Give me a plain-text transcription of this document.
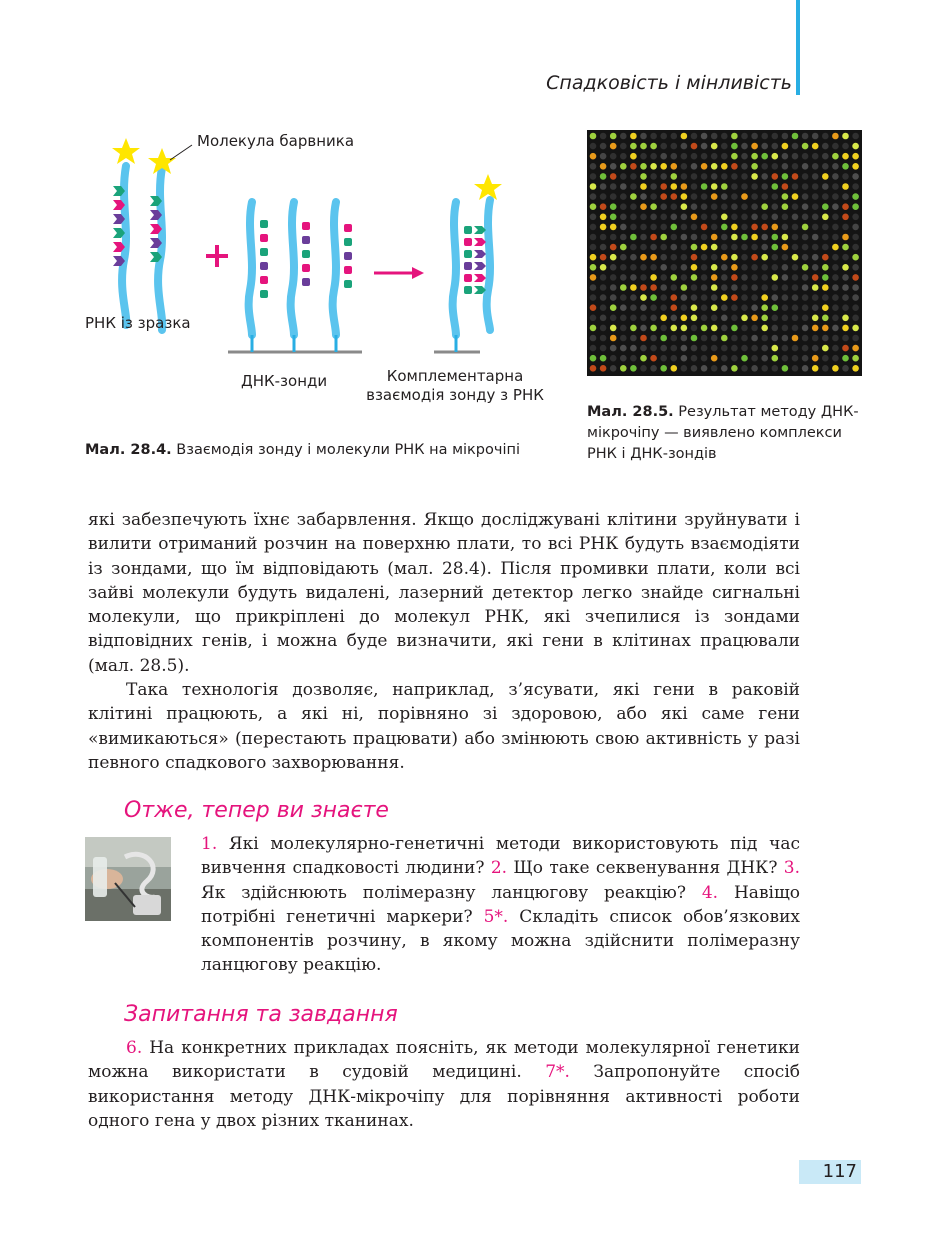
Спадковість і мінливість
Молекула барвника
РНК із зразка
ДНК-зонди	Комплементарна
взаємодія зонду з РНК
Мал. 28.4. Взаємодія зонду і молекули РНК на мікрочіпі
Мал. 28.5. Результат методу ДНК-мікрочіпу — виявлено комплекси РНК і ДНК-зондів

які забезпечують їхнє забарвлення. Якщо досліджувані клітини зруйнувати і вилити отриманий розчин на поверхню плати, то всі РНК будуть взаємодіяти із зондами, що їм відповідають (мал. 28.4). Після промивки плати, коли всі зайві молекули будуть видалені, лазерний детектор легко знайде сигнальні молекули, що прикріплені до молекул РНК, які зчепилися із зондами відповідних генів, і можна буде визначити, які гени в клітинах працювали (мал. 28.5).

Така технологія дозволяє, наприклад, з’ясувати, які гени в раковій клітині працюють, а які ні, порівняно зі здоровою, або які саме гени «вимикаються» (перестають працювати) або змінюють свою активність у разі певного спадкового захворювання.

Отже, тепер ви знаєте
1. Які молекулярно-генетичні методи використовують під час вивчення спадковості людини? 2. Що таке секвенування ДНК? 3. Як здійснюють полімеразну ланцюгову реакцію? 4. Навіщо потрібні генетичні маркери? 5*. Складіть список обов’язкових компонентів розчину, в якому можна здійснити полімеразну ланцюгову реакцію.
Запитання та завдання

6. На конкретних прикладах поясніть, як методи молекулярної генетики можна використати в судовій медицині. 7*. Запропонуйте спосіб використання методу ДНК-мікрочіпу для порівняння активності роботи одного гена у двох різних тканинах.

117
